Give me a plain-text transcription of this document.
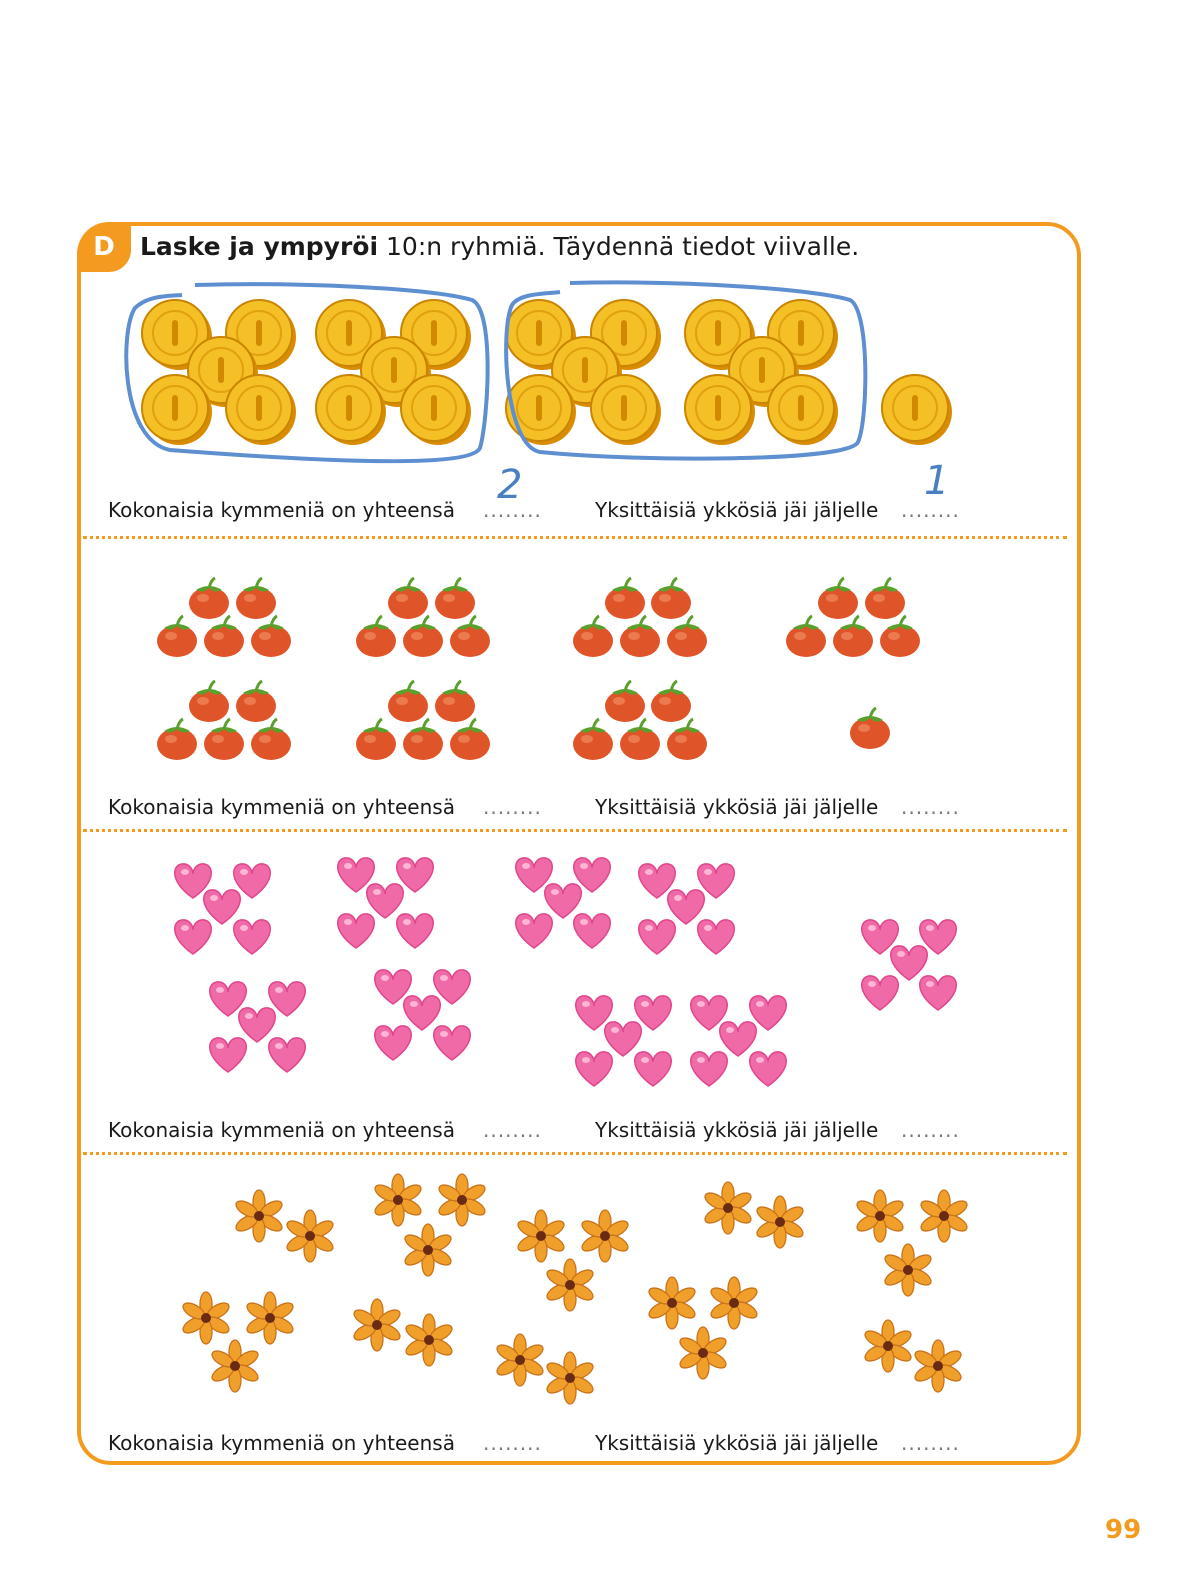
D	Laske ja ympyröi 10:n ryhmiä. Täydennä tiedot viivalle.
Kokonaisia kymmeniä on yhteensä ........	Yksittäisiä ykkösiä jäi jäljelle ........
2	1
Kokonaisia kymmeniä on yhteensä ........	Yksittäisiä ykkösiä jäi jäljelle ........
Kokonaisia kymmeniä on yhteensä ........	Yksittäisiä ykkösiä jäi jäljelle ........
Kokonaisia kymmeniä on yhteensä ........	Yksittäisiä ykkösiä jäi jäljelle ........
99
